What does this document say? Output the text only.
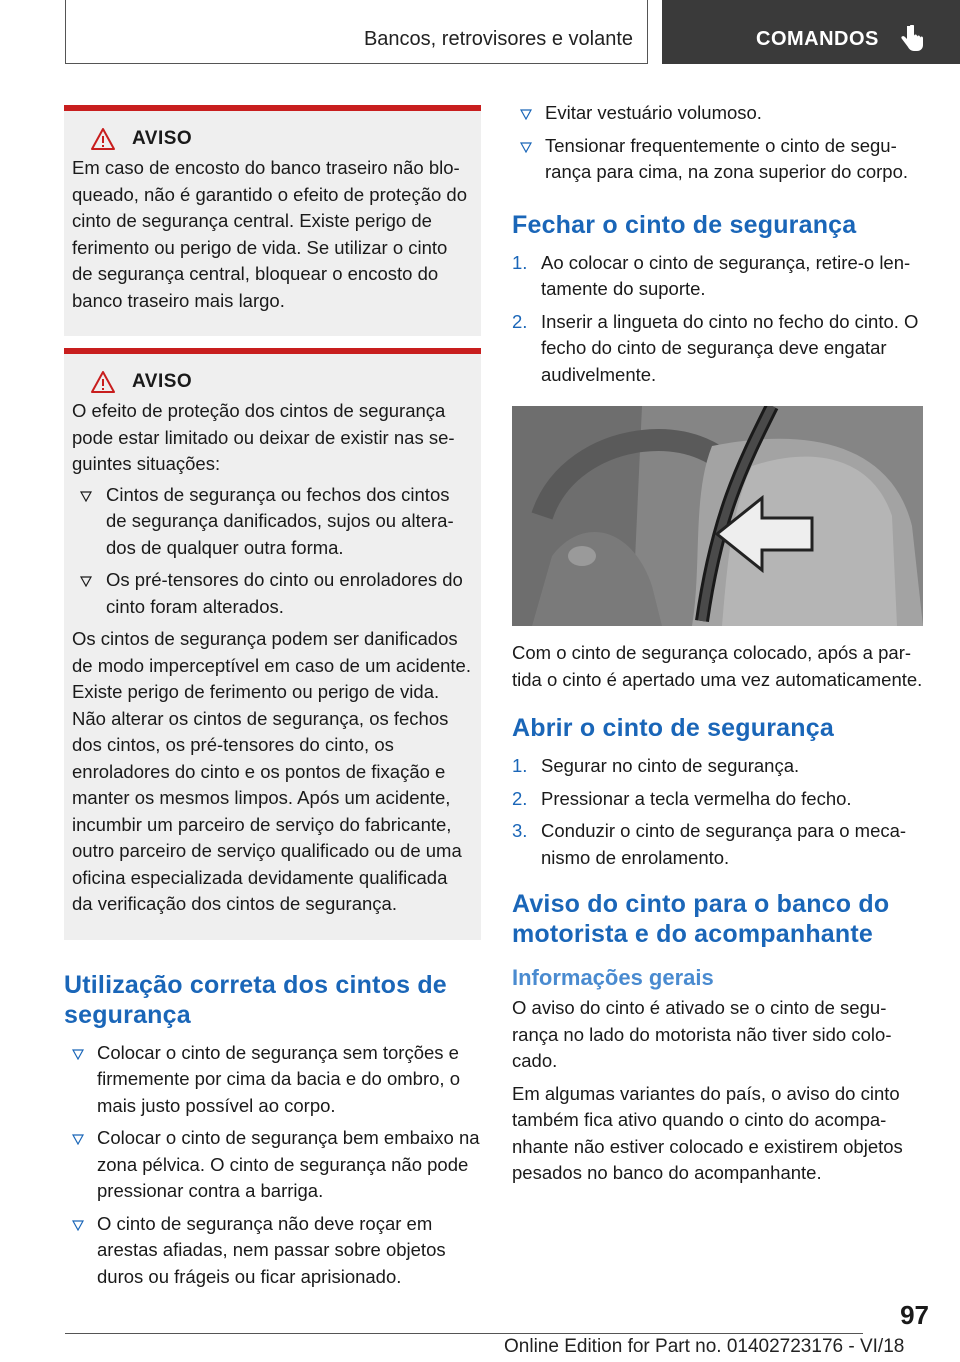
Bancos, retrovisores e volante	COMANDOS
AVISO

Em caso de encosto do banco traseiro não bloqueado, não é garantido o efeito de proteção do cinto de segurança central. Existe perigo de ferimento ou perigo de vida. Se utilizar o cinto de segurança central, bloquear o encosto do banco traseiro mais largo.

AVISO

O efeito de proteção dos cintos de segurança pode estar limitado ou deixar de existir nas seguintes situações:

Cintos de segurança ou fechos dos cintos de segurança danificados, sujos ou alterados de qualquer outra forma.
Os pré-tensores do cinto ou enroladores do cinto foram alterados.

Os cintos de segurança podem ser danificados de modo imperceptível em caso de um acidente. Existe perigo de ferimento ou perigo de vida. Não alterar os cintos de segurança, os fechos dos cintos, os pré-tensores do cinto, os enroladores do cinto e os pontos de fixação e manter os mesmos limpos. Após um acidente, incumbir um parceiro de serviço do fabricante, outro parceiro de serviço qualificado ou de uma oficina especializada devidamente qualificada da verificação dos cintos de segurança.

Utilização correta dos cintos de segurança
Colocar o cinto de segurança sem torções e firmemente por cima da bacia e do ombro, o mais justo possível ao corpo.
Colocar o cinto de segurança bem embaixo na zona pélvica. O cinto de segurança não pode pressionar contra a barriga.
O cinto de segurança não deve roçar em arestas afiadas, nem passar sobre objetos duros ou frágeis ou ficar aprisionado.
Evitar vestuário volumoso.
Tensionar frequentemente o cinto de segurança para cima, na zona superior do corpo.
Fechar o cinto de segurança
1. Ao colocar o cinto de segurança, retire-o lentamente do suporte.
2. Inserir a lingueta do cinto no fecho do cinto. O fecho do cinto de segurança deve engatar audivelmente.

Com o cinto de segurança colocado, após a partida o cinto é apertado uma vez automaticamente.

Abrir o cinto de segurança
1. Segurar no cinto de segurança.
2. Pressionar a tecla vermelha do fecho.
3. Conduzir o cinto de segurança para o mecanismo de enrolamento.
Aviso do cinto para o banco do motorista e do acompanhante
Informações gerais

O aviso do cinto é ativado se o cinto de segurança no lado do motorista não tiver sido colocado.

Em algumas variantes do país, o aviso do cinto também fica ativo quando o cinto do acompanhante não estiver colocado e existirem objetos pesados no banco do acompanhante.

97
Online Edition for Part no. 01402723176 - VI/18
